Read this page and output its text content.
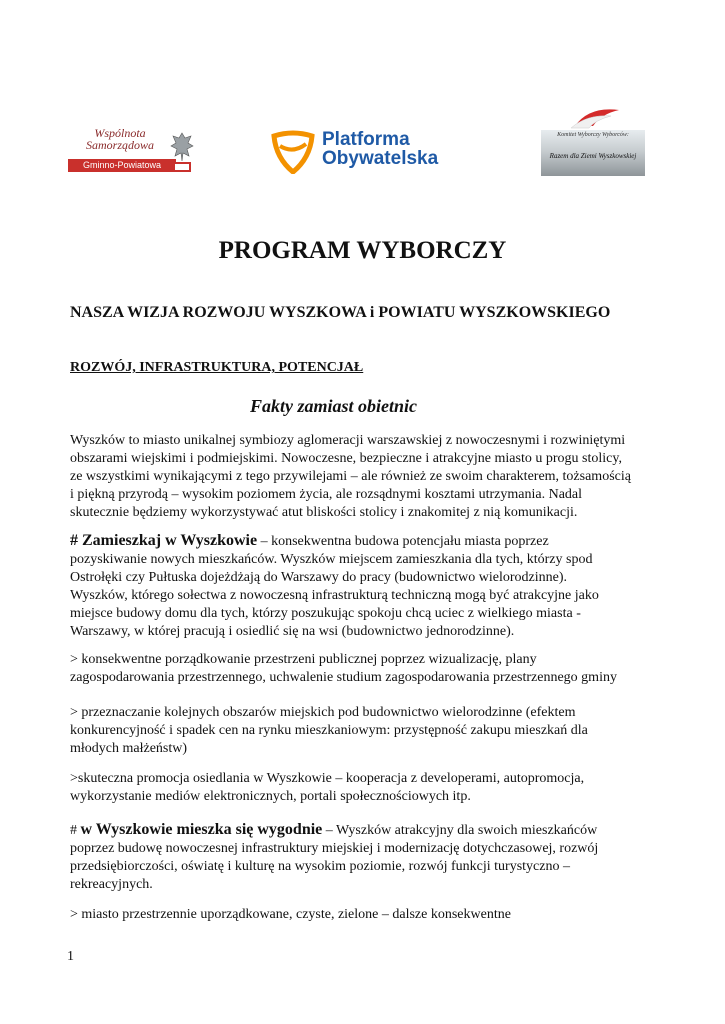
Wspólnota
Samorządowa
Gminno-Powiatowa
Platforma
Obywatelska
Komitet Wyborczy Wyborców:
Razem dla Ziemi Wyszkowskiej
PROGRAM WYBORCZY
NASZA WIZJA ROZWOJU WYSZKOWA i POWIATU WYSZKOWSKIEGO
ROZWÓJ, INFRASTRUKTURA, POTENCJAŁ
Fakty zamiast obietnic
Wyszków to miasto unikalnej symbiozy aglomeracji warszawskiej z nowoczesnymi i rozwiniętymi
obszarami wiejskimi i podmiejskimi. Nowoczesne, bezpieczne i atrakcyjne miasto u progu stolicy,
ze wszystkimi wynikającymi z tego przywilejami – ale również ze swoim charakterem, tożsamością
i piękną przyrodą – wysokim poziomem życia, ale rozsądnymi kosztami utrzymania. Nadal
skutecznie będziemy wykorzystywać atut bliskości stolicy i znakomitej z nią komunikacji.
# Zamieszkaj w Wyszkowie – konsekwentna budowa potencjału miasta poprzez
pozyskiwanie nowych mieszkańców. Wyszków miejscem zamieszkania dla tych, którzy spod
Ostrołęki czy Pułtuska dojeżdżają do Warszawy do pracy (budownictwo wielorodzinne).
Wyszków, którego sołectwa z nowoczesną infrastrukturą techniczną mogą być atrakcyjne jako
miejsce budowy domu dla tych, którzy poszukując spokoju chcą uciec z wielkiego miasta -
Warszawy, w której pracują i osiedlić się na wsi (budownictwo jednorodzinne).
> konsekwentne porządkowanie przestrzeni publicznej poprzez wizualizację, plany
zagospodarowania przestrzennego, uchwalenie studium zagospodarowania przestrzennego gminy
> przeznaczanie kolejnych obszarów miejskich pod budownictwo wielorodzinne (efektem
konkurencyjność i spadek cen na rynku mieszkaniowym: przystępność zakupu mieszkań dla
młodych małżeństw)
>skuteczna promocja osiedlania w Wyszkowie – kooperacja z developerami, autopromocja,
wykorzystanie mediów elektronicznych, portali społecznościowych itp.
# w Wyszkowie mieszka się wygodnie – Wyszków atrakcyjny dla swoich mieszkańców
poprzez budowę nowoczesnej infrastruktury miejskiej i modernizację dotychczasowej, rozwój
przedsiębiorczości, oświatę i kulturę na wysokim poziomie, rozwój funkcji turystyczno –
rekreacyjnych.
> miasto przestrzennie uporządkowane, czyste, zielone – dalsze konsekwentne
1
